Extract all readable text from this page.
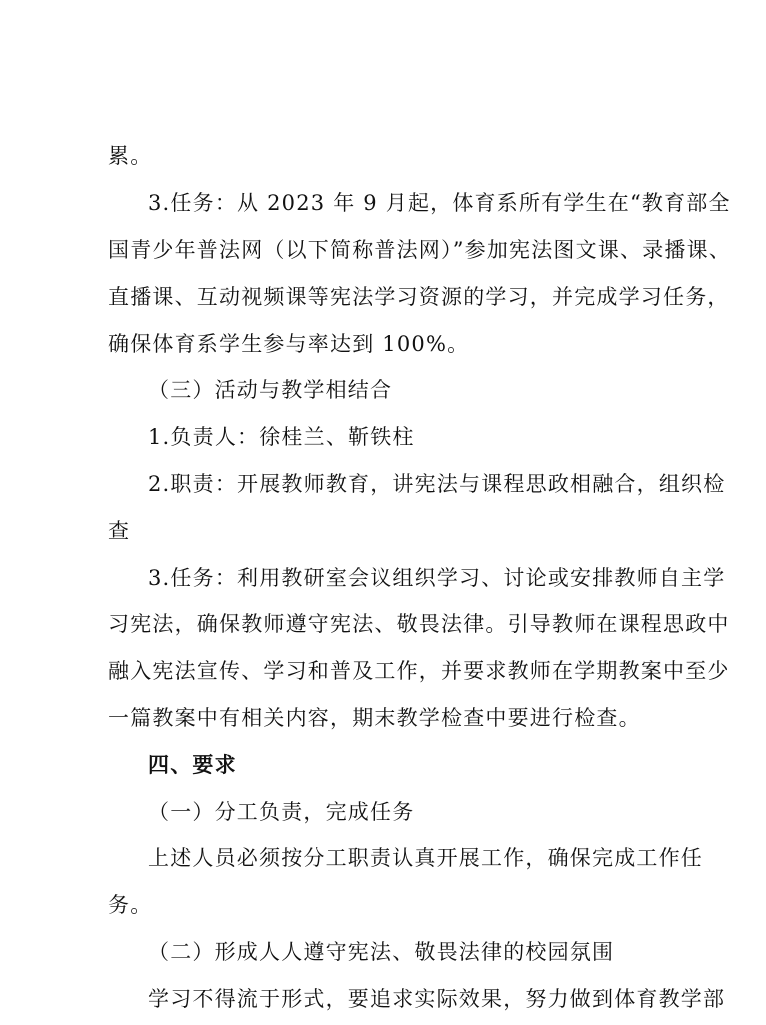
累。
3.任务：从 2023 年 9 月起，体育系所有学生在“教育部全
国青少年普法网（以下简称普法网）”参加宪法图文课、录播课、
直播课、互动视频课等宪法学习资源的学习，并完成学习任务，
确保体育系学生参与率达到 100%。
（三）活动与教学相结合
1.负责人：徐桂兰、靳铁柱
2.职责：开展教师教育，讲宪法与课程思政相融合，组织检
查
3.任务：利用教研室会议组织学习、讨论或安排教师自主学
习宪法，确保教师遵守宪法、敬畏法律。引导教师在课程思政中
融入宪法宣传、学习和普及工作，并要求教师在学期教案中至少
一篇教案中有相关内容，期末教学检查中要进行检查。
四、要求
（一）分工负责，完成任务
上述人员必须按分工职责认真开展工作，确保完成工作任
务。
（二）形成人人遵守宪法、敬畏法律的校园氛围
学习不得流于形式，要追求实际效果，努力做到体育教学部
